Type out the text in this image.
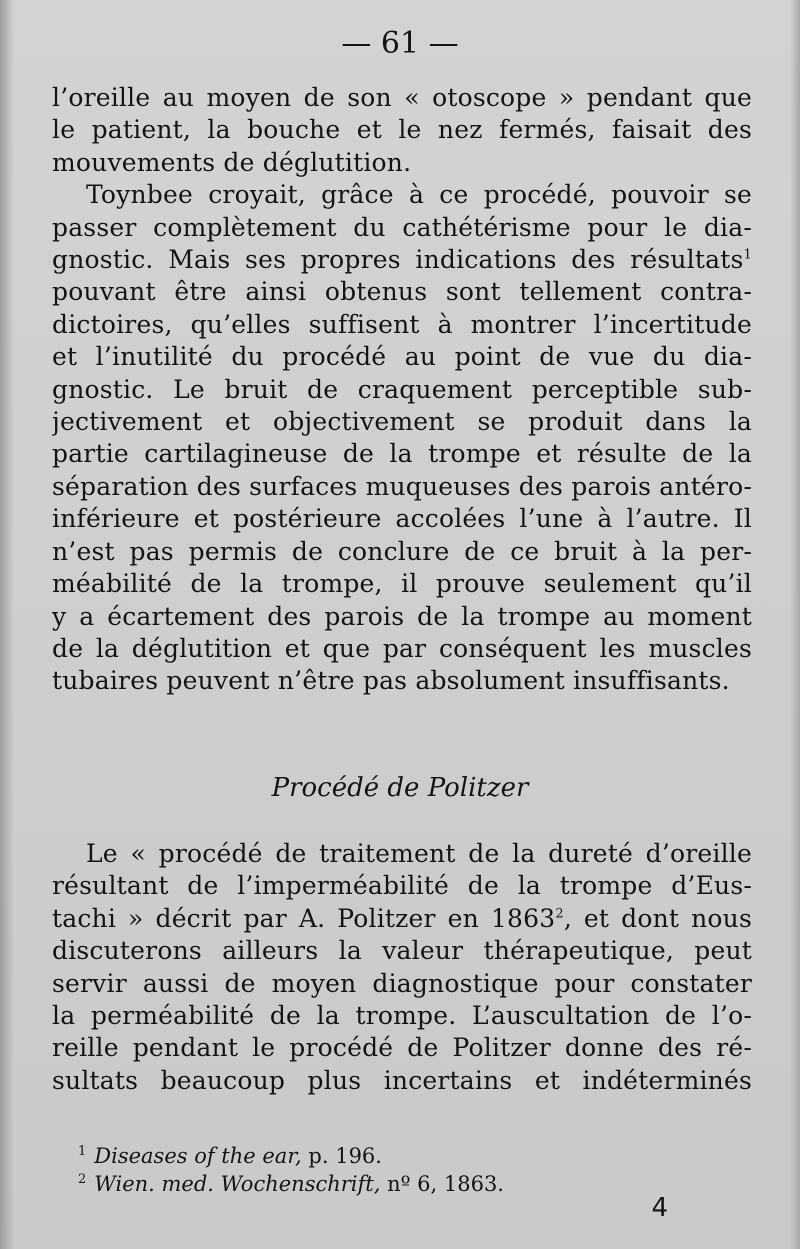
— 61 —
l’oreille au moyen de son « otoscope » pendant que
le patient, la bouche et le nez fermés, faisait des
mouvements de déglutition.
Toynbee croyait, grâce à ce procédé, pouvoir se
passer complètement du cathétérisme pour le dia-
gnostic. Mais ses propres indications des résultats$^1$
pouvant être ainsi obtenus sont tellement contra-
dictoires, qu’elles suffisent à montrer l’incertitude
et l’inutilité du procédé au point de vue du dia-
gnostic. Le bruit de craquement perceptible sub-
jectivement et objectivement se produit dans la
partie cartilagineuse de la trompe et résulte de la
séparation des surfaces muqueuses des parois antéro-
inférieure et postérieure accolées l’une à l’autre. Il
n’est pas permis de conclure de ce bruit à la per-
méabilité de la trompe, il prouve seulement qu’il
y a écartement des parois de la trompe au moment
de la déglutition et que par conséquent les muscles
tubaires peuvent n’être pas absolument insuffisants.
Procédé de Politzer
Le « procédé de traitement de la dureté d’oreille
résultant de l’imperméabilité de la trompe d’Eus-
tachi » décrit par A. Politzer en 1863$^2$, et dont nous
discuterons ailleurs la valeur thérapeutique, peut
servir aussi de moyen diagnostique pour constater
la perméabilité de la trompe. L’auscultation de l’o-
reille pendant le procédé de Politzer donne des ré-
sultats beaucoup plus incertains et indéterminés
$^1$ Diseases of the ear, p. 196.
$^2$ Wien. med. Wochenschrift, nº 6, 1863.
4
